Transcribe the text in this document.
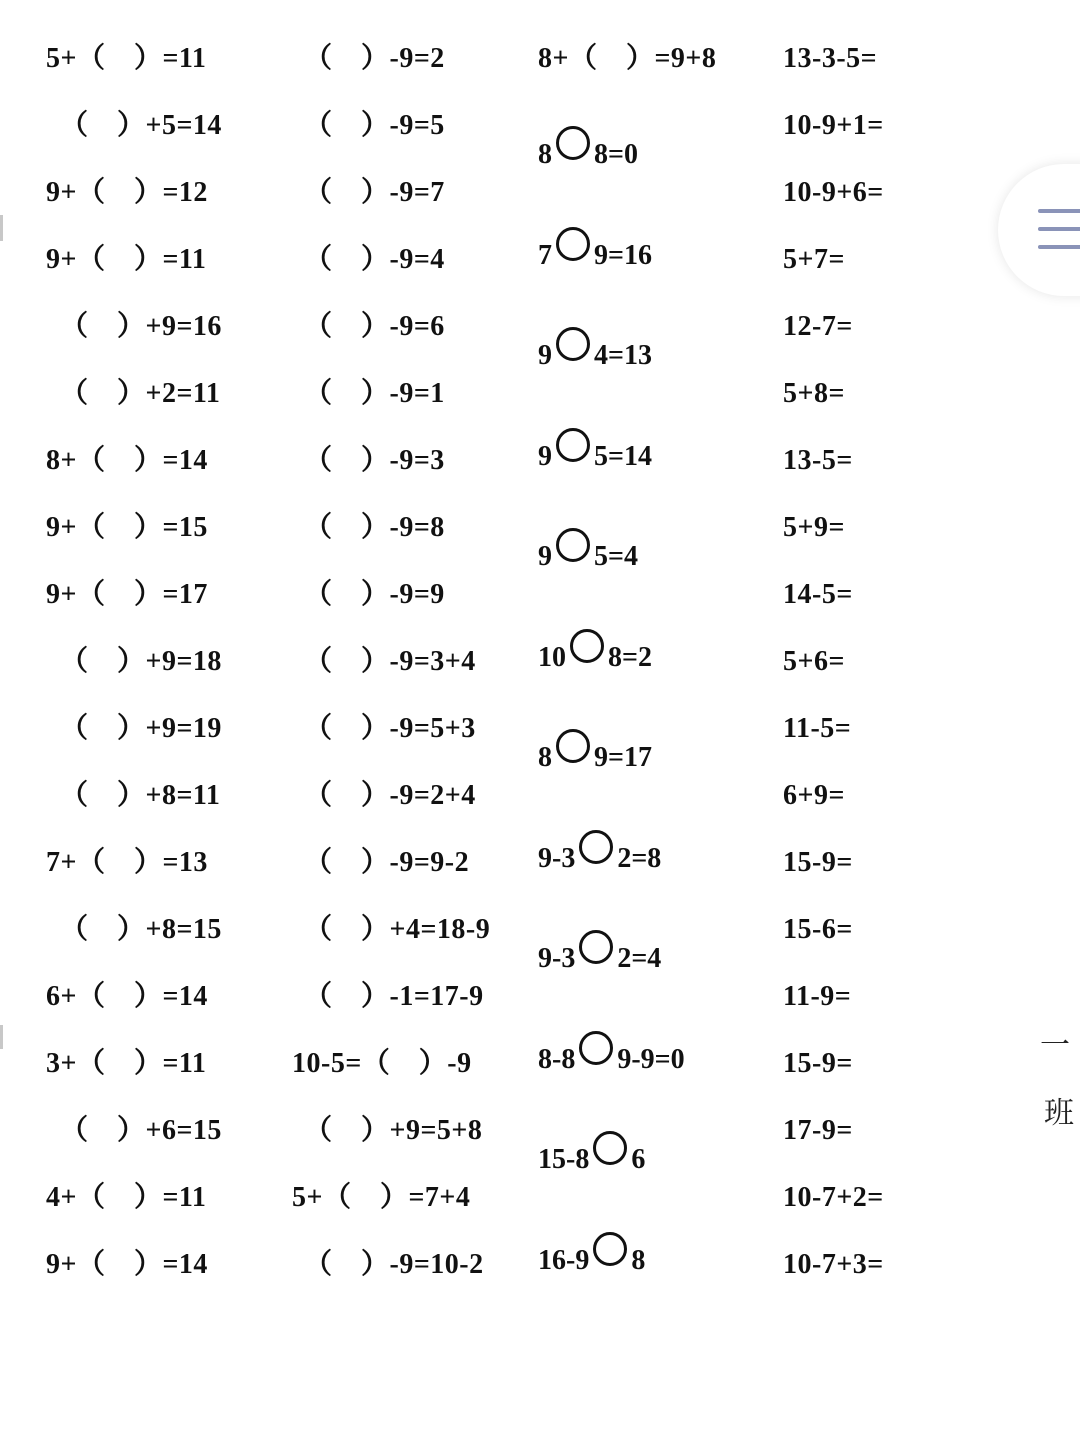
5+（　）=11
（　）+5=14
9+（　）=12
9+（　）=11
（　）+9=16
（　）+2=11
8+（　）=14
9+（　）=15
9+（　）=17
（　）+9=18
（　）+9=19
（　）+8=11
7+（　）=13
（　）+8=15
6+（　）=14
3+（　）=11
（　）+6=15
4+（　）=11
9+（　）=14
（　）-9=2
（　）-9=5
（　）-9=7
（　）-9=4
（　）-9=6
（　）-9=1
（　）-9=3
（　）-9=8
（　）-9=9
（　）-9=3+4
（　）-9=5+3
（　）-9=2+4
（　）-9=9-2
（　）+4=18-9
（　）-1=17-9
10-5=（　）-9
（　）+9=5+8
5+（　）=7+4
（　）-9=10-2
8+（　）=9+8 13-3-5=
10-9+1=
10-9+6=
5+7=
12-7=
5+8=
13-5=
5+9=
14-5=
5+6=
11-5=
6+9=
15-9=
15-6=
11-9=
15-9=
17-9=
10-7+2=
10-7+3=
8 8=0
7 9=16
9 4=13
9 5=14
9 5=4
10 8=2
8 9=17
9-3 2=8
9-3 2=4
8-8 9-9=0
15-8 6
16-9 8
一
班
